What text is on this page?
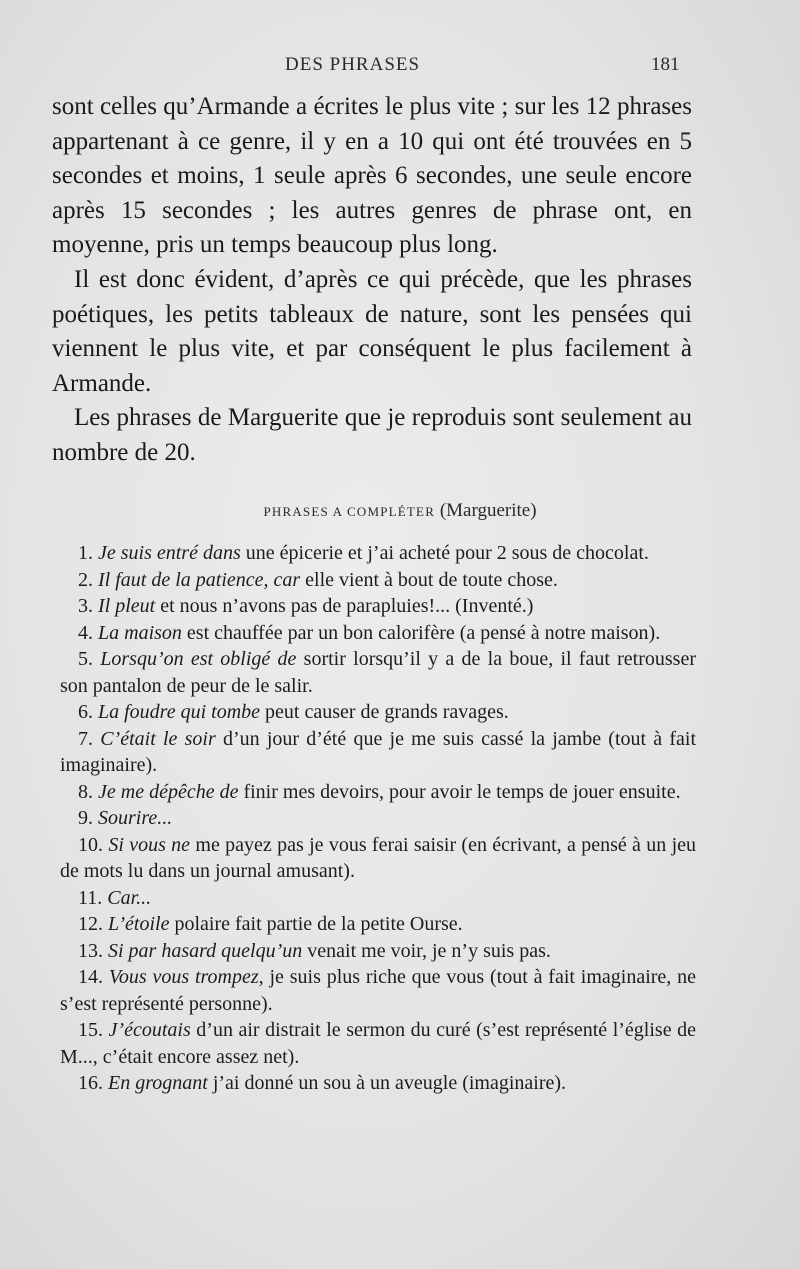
DES PHRASES	181

sont celles qu’Armande a écrites le plus vite ; sur les 12 phrases appartenant à ce genre, il y en a 10 qui ont été trouvées en 5 secondes et moins, 1 seule après 6 secondes, une seule encore après 15 secondes ; les autres genres de phrase ont, en moyenne, pris un temps beaucoup plus long.

Il est donc évident, d’après ce qui précède, que les phrases poétiques, les petits tableaux de nature, sont les pensées qui viennent le plus vite, et par conséquent le plus facilement à Armande.

Les phrases de Marguerite que je reproduis sont seulement au nombre de 20.

PHRASES A COMPLÉTER (Marguerite)

1. Je suis entré dans une épicerie et j’ai acheté pour 2 sous de chocolat.

2. Il faut de la patience, car elle vient à bout de toute chose.

3. Il pleut et nous n’avons pas de parapluies!... (Inventé.)

4. La maison est chauffée par un bon calorifère (a pensé à notre maison).

5. Lorsqu’on est obligé de sortir lorsqu’il y a de la boue, il faut retrousser son pantalon de peur de le salir.

6. La foudre qui tombe peut causer de grands ravages.

7. C’était le soir d’un jour d’été que je me suis cassé la jambe (tout à fait imaginaire).

8. Je me dépêche de finir mes devoirs, pour avoir le temps de jouer ensuite.

9. Sourire...

10. Si vous ne me payez pas je vous ferai saisir (en écrivant, a pensé à un jeu de mots lu dans un journal amusant).

11. Car...

12. L’étoile polaire fait partie de la petite Ourse.

13. Si par hasard quelqu’un venait me voir, je n’y suis pas.

14. Vous vous trompez, je suis plus riche que vous (tout à fait imaginaire, ne s’est représenté personne).

15. J’écoutais d’un air distrait le sermon du curé (s’est représenté l’église de M..., c’était encore assez net).

16. En grognant j’ai donné un sou à un aveugle (imaginaire).
